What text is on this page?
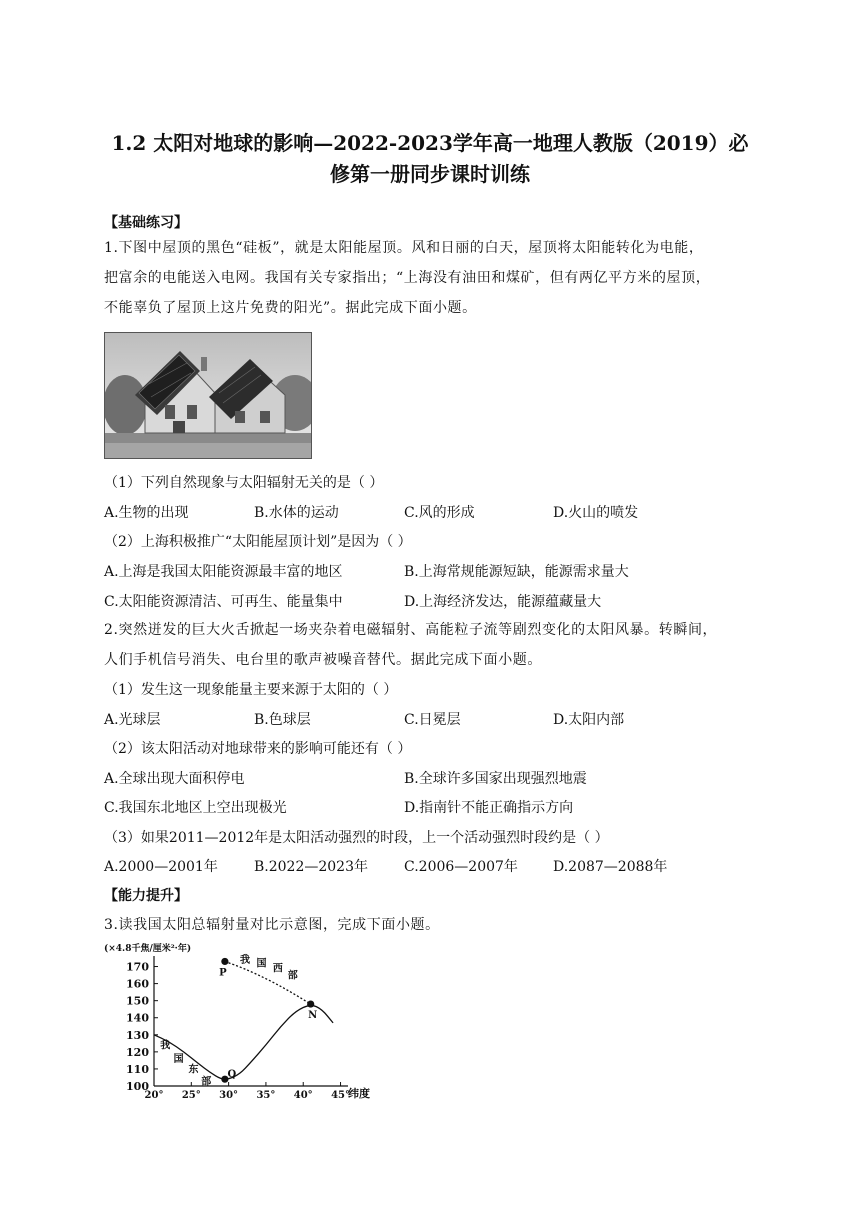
1.2 太阳对地球的影响—2022-2023学年高一地理人教版（2019）必
修第一册同步课时训练
【基础练习】
1.下图中屋顶的黑色“硅板”，就是太阳能屋顶。风和日丽的白天，屋顶将太阳能转化为电能，
把富余的电能送入电网。我国有关专家指出；“上海没有油田和煤矿，但有两亿平方米的屋顶，
不能辜负了屋顶上这片免费的阳光”。据此完成下面小题。
（1）下列自然现象与太阳辐射无关的是（ ）
A.生物的出现	B.水体的运动	C.风的形成	D.火山的喷发
（2）上海积极推广“太阳能屋顶计划”是因为（ ）
A.上海是我国太阳能资源最丰富的地区	B.上海常规能源短缺，能源需求量大
C.太阳能资源清洁、可再生、能量集中	D.上海经济发达，能源蕴藏量大
2.突然迸发的巨大火舌掀起一场夹杂着电磁辐射、高能粒子流等剧烈变化的太阳风暴。转瞬间，
人们手机信号消失、电台里的歌声被噪音替代。据此完成下面小题。
（1）发生这一现象能量主要来源于太阳的（ ）
A.光球层	B.色球层	C.日冕层	D.太阳内部
（2）该太阳活动对地球带来的影响可能还有（ ）
A.全球出现大面积停电	B.全球许多国家出现强烈地震
C.我国东北地区上空出现极光	D.指南针不能正确指示方向
（3）如果2011—2012年是太阳活动强烈的时段，上一个活动强烈时段约是（ ）
A.2000—2001年	B.2022—2023年	C.2006—2007年	D.2087—2088年
【能力提升】
3.读我国太阳总辐射量对比示意图，完成下面小题。
(×4.8千焦/厘米²·年)
100
110
120
130
140
150
160
170
20° 25° 30° 35° 40° 45°
P
Q
N
我
国
东
部
我 国 西
部
纬度
